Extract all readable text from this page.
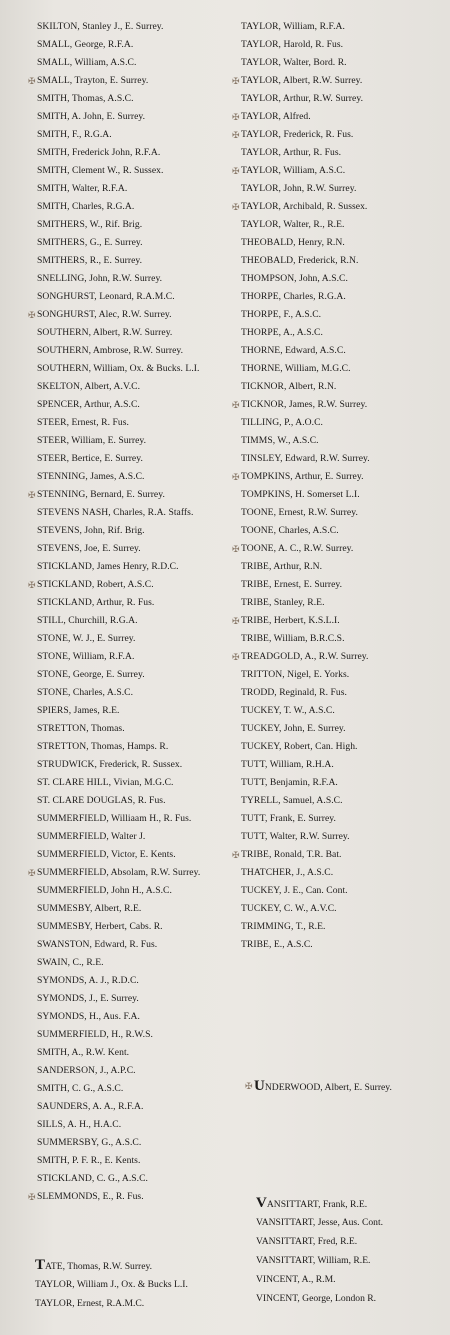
SKILTON, Stanley J., E. Surrey.
SMALL, George, R.F.A.
SMALL, William, A.S.C.
✠ SMALL, Trayton, E. Surrey.
SMITH, Thomas, A.S.C.
SMITH, A. John, E. Surrey.
SMITH, F., R.G.A.
SMITH, Frederick John, R.F.A.
SMITH, Clement W., R. Sussex.
SMITH, Walter, R.F.A.
SMITH, Charles, R.G.A.
SMITHERS, W., Rif. Brig.
SMITHERS, G., E. Surrey.
SMITHERS, R., E. Surrey.
SNELLING, John, R.W. Surrey.
SONGHURST, Leonard, R.A.M.C.
✠ SONGHURST, Alec, R.W. Surrey.
SOUTHERN, Albert, R.W. Surrey.
SOUTHERN, Ambrose, R.W. Surrey.
SOUTHERN, William, Ox. & Bucks. L.I.
SKELTON, Albert, A.V.C.
SPENCER, Arthur, A.S.C.
STEER, Ernest, R. Fus.
STEER, William, E. Surrey.
STEER, Bertice, E. Surrey.
STENNING, James, A.S.C.
✠ STENNING, Bernard, E. Surrey.
STEVENS NASH, Charles, R.A. Staffs.
STEVENS, John, Rif. Brig.
STEVENS, Joe, E. Surrey.
STICKLAND, James Henry, R.D.C.
✠ STICKLAND, Robert, A.S.C.
STICKLAND, Arthur, R. Fus.
STILL, Churchill, R.G.A.
STONE, W. J., E. Surrey.
STONE, William, R.F.A.
STONE, George, E. Surrey.
STONE, Charles, A.S.C.
SPIERS, James, R.E.
STRETTON, Thomas.
STRETTON, Thomas, Hamps. R.
STRUDWICK, Frederick, R. Sussex.
ST. CLARE HILL, Vivian, M.G.C.
ST. CLARE DOUGLAS, R. Fus.
SUMMERFIELD, Williaam H., R. Fus.
SUMMERFIELD, Walter J.
SUMMERFIELD, Victor, E. Kents.
✠ SUMMERFIELD, Absolam, R.W. Surrey.
SUMMERFIELD, John H., A.S.C.
SUMMESBY, Albert, R.E.
SUMMESBY, Herbert, Cabs. R.
SWANSTON, Edward, R. Fus.
SWAIN, C., R.E.
SYMONDS, A. J., R.D.C.
SYMONDS, J., E. Surrey.
SYMONDS, H., Aus. F.A.
SUMMERFIELD, H., R.W.S.
SMITH, A., R.W. Kent.
SANDERSON, J., A.P.C.
SMITH, C. G., A.S.C.
SAUNDERS, A. A., R.F.A.
SILLS, A. H., H.A.C.
SUMMERSBY, G., A.S.C.
SMITH, P. F. R., E. Kents.
STICKLAND, C. G., A.S.C.
✠ SLEMMONDS, E., R. Fus.
TAYLOR, William, R.F.A.
TAYLOR, Harold, R. Fus.
TAYLOR, Walter, Bord. R.
✠ TAYLOR, Albert, R.W. Surrey.
TAYLOR, Arthur, R.W. Surrey.
✠ TAYLOR, Alfred.
✠ TAYLOR, Frederick, R. Fus.
TAYLOR, Arthur, R. Fus.
✠ TAYLOR, William, A.S.C.
TAYLOR, John, R.W. Surrey.
✠ TAYLOR, Archibald, R. Sussex.
TAYLOR, Walter, R., R.E.
THEOBALD, Henry, R.N.
THEOBALD, Frederick, R.N.
THOMPSON, John, A.S.C.
THORPE, Charles, R.G.A.
THORPE, F., A.S.C.
THORPE, A., A.S.C.
THORNE, Edward, A.S.C.
THORNE, William, M.G.C.
TICKNOR, Albert, R.N.
✠ TICKNOR, James, R.W. Surrey.
TILLING, P., A.O.C.
TIMMS, W., A.S.C.
TINSLEY, Edward, R.W. Surrey.
✠ TOMPKINS, Arthur, E. Surrey.
TOMPKINS, H. Somerset L.I.
TOONE, Ernest, R.W. Surrey.
TOONE, Charles, A.S.C.
✠ TOONE, A. C., R.W. Surrey.
TRIBE, Arthur, R.N.
TRIBE, Ernest, E. Surrey.
TRIBE, Stanley, R.E.
✠ TRIBE, Herbert, K.S.L.I.
TRIBE, William, B.R.C.S.
✠ TREADGOLD, A., R.W. Surrey.
TRITTON, Nigel, E. Yorks.
TRODD, Reginald, R. Fus.
TUCKEY, T. W., A.S.C.
TUCKEY, John, E. Surrey.
TUCKEY, Robert, Can. High.
TUTT, William, R.H.A.
TUTT, Benjamin, R.F.A.
TYRELL, Samuel, A.S.C.
TUTT, Frank, E. Surrey.
TUTT, Walter, R.W. Surrey.
✠ TRIBE, Ronald, T.R. Bat.
THATCHER, J., A.S.C.
TUCKEY, J. E., Can. Cont.
TUCKEY, C. W., A.V.C.
TRIMMING, T., R.E.
TRIBE, E., A.S.C.
✠ UNDERWOOD, Albert, E. Surrey.
VANSITTART, Frank, R.E.
VANSITTART, Jesse, Aus. Cont.
VANSITTART, Fred, R.E.
VANSITTART, William, R.E.
VINCENT, A., R.M.
VINCENT, George, London R.
TATE, Thomas, R.W. Surrey.
TAYLOR, William J., Ox. & Bucks L.I.
TAYLOR, Ernest, R.A.M.C.
